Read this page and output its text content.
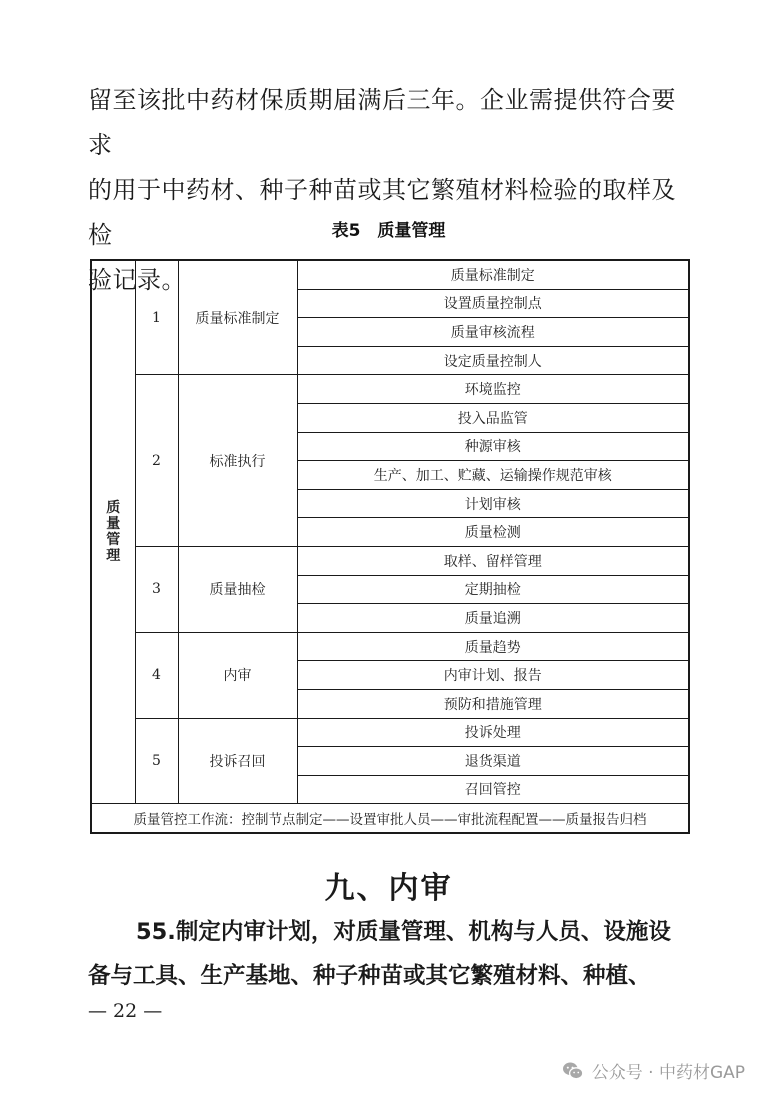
留至该批中药材保质期届满后三年。企业需提供符合要求

的用于中药材、种子种苗或其它繁殖材料检验的取样及检

验记录。

表5　质量管理
质量管理	1	质量标准制定	质量标准制定
			设置质量控制点
			质量审核流程
			设定质量控制人
	2	标准执行	环境监控
			投入品监管
			种源审核
			生产、加工、贮藏、运输操作规范审核
			计划审核
			质量检测
	3	质量抽检	取样、留样管理
			定期抽检
			质量追溯
	4	内审	质量趋势
			内审计划、报告
			预防和措施管理
	5	投诉召回	投诉处理
			退货渠道
			召回管控
质量管控工作流：控制节点制定——设置审批人员——审批流程配置——质量报告归档			
九、内审

55.制定内审计划，对质量管理、机构与人员、设施设

备与工具、生产基地、种子种苗或其它繁殖材料、种植、

— 22 —
公众号 · 中药材GAP
